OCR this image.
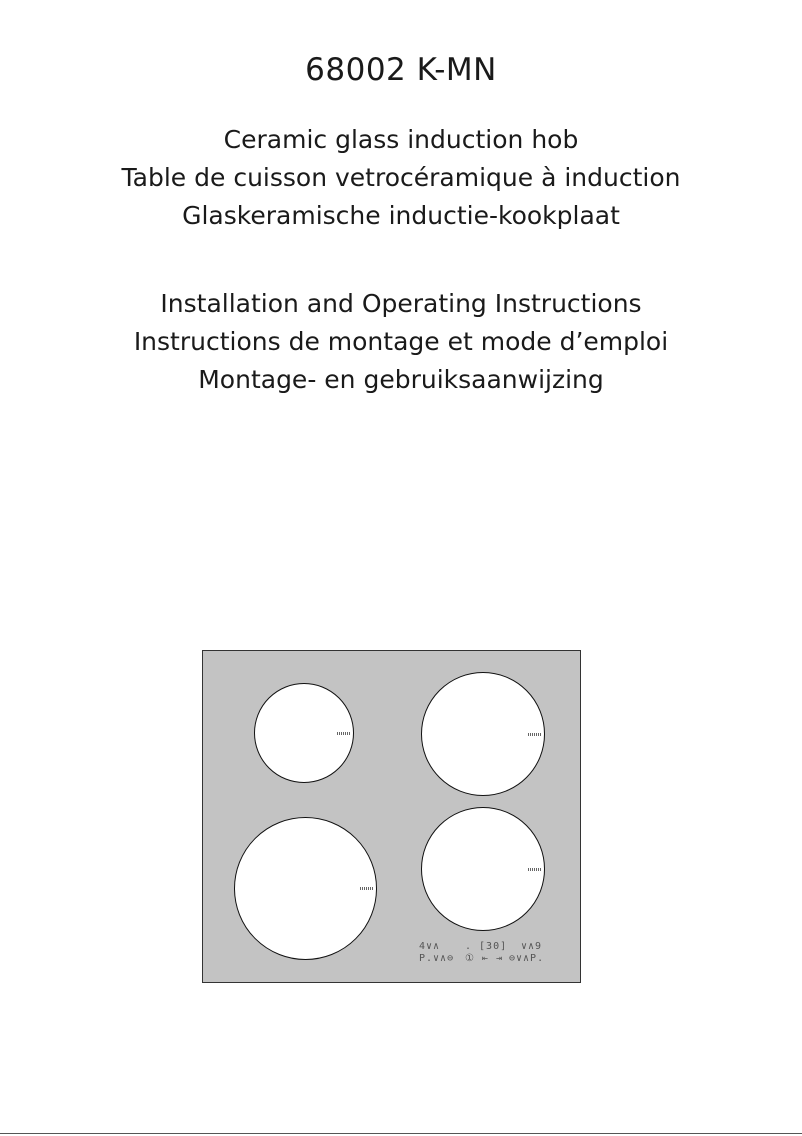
68002 K-MN
Ceramic glass induction hob
Table de cuisson vetrocéramique à induction
Glaskeramische inductie-kookplaat
Installation and Operating Instructions
Instructions de montage et mode d’emploi
Montage- en gebruiksaanwijzing
4∨∧ . [30] ∨∧9
P.∨∧⊖ ① ⇤ ⇥ ⊖∨∧P.
